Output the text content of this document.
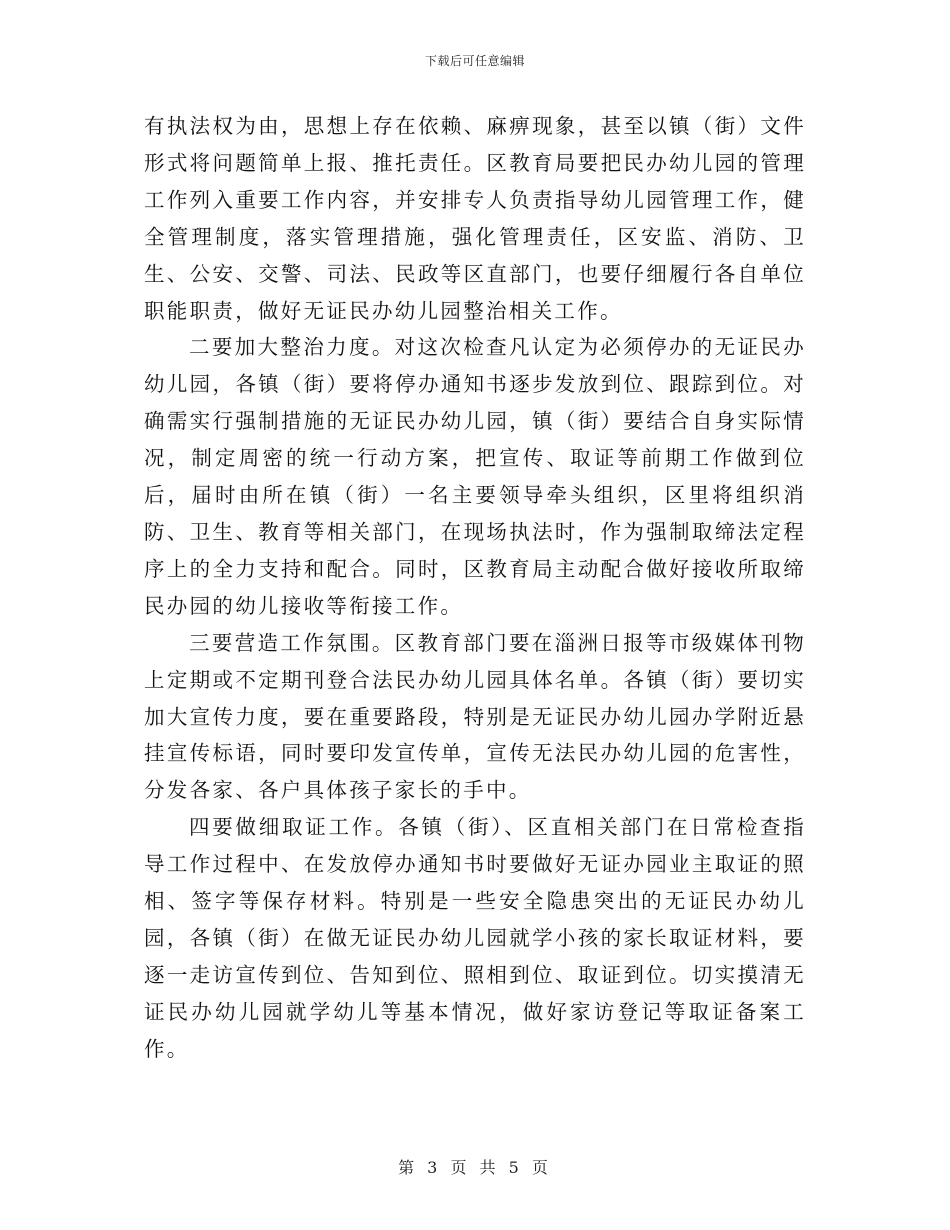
下载后可任意编辑

有执法权为由，思想上存在依赖、麻痹现象，甚至以镇（街）文件形式将问题简单上报、推托责任。区教育局要把民办幼儿园的管理工作列入重要工作内容，并安排专人负责指导幼儿园管理工作，健全管理制度，落实管理措施，强化管理责任，区安监、消防、卫生、公安、交警、司法、民政等区直部门，也要仔细履行各自单位职能职责，做好无证民办幼儿园整治相关工作。

二要加大整治力度。对这次检查凡认定为必须停办的无证民办幼儿园，各镇（街）要将停办通知书逐步发放到位、跟踪到位。对确需实行强制措施的无证民办幼儿园，镇（街）要结合自身实际情况，制定周密的统一行动方案，把宣传、取证等前期工作做到位后，届时由所在镇（街）一名主要领导牵头组织，区里将组织消防、卫生、教育等相关部门，在现场执法时，作为强制取缔法定程序上的全力支持和配合。同时，区教育局主动配合做好接收所取缔民办园的幼儿接收等衔接工作。

三要营造工作氛围。区教育部门要在淄洲日报等市级媒体刊物上定期或不定期刊登合法民办幼儿园具体名单。各镇（街）要切实加大宣传力度，要在重要路段，特别是无证民办幼儿园办学附近悬挂宣传标语，同时要印发宣传单，宣传无法民办幼儿园的危害性，分发各家、各户具体孩子家长的手中。

四要做细取证工作。各镇（街）、区直相关部门在日常检查指导工作过程中、在发放停办通知书时要做好无证办园业主取证的照相、签字等保存材料。特别是一些安全隐患突出的无证民办幼儿园，各镇（街）在做无证民办幼儿园就学小孩的家长取证材料，要逐一走访宣传到位、告知到位、照相到位、取证到位。切实摸清无证民办幼儿园就学幼儿等基本情况，做好家访登记等取证备案工作。

第 3 页 共 5 页
